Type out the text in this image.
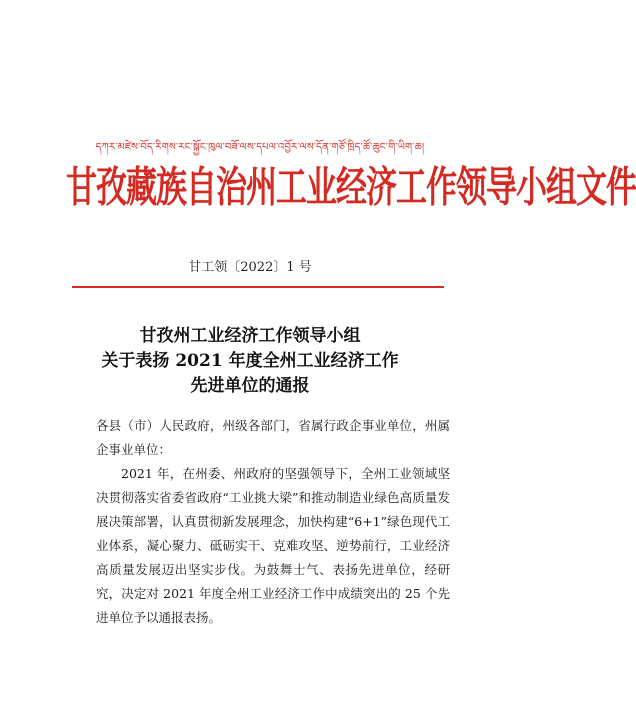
དཀར་མཛེས་བོད་རིགས་རང་སྐྱོང་ཁུལ་བཟོ་ལས་དཔལ་འབྱོར་ལས་དོན་གཙོ་ཁྲིད་ཚོ་ཆུང་གི་ཡིག་ཆ།
甘孜藏族自治州工业经济工作领导小组文件
甘工领〔2022〕1 号
甘孜州工业经济工作领导小组
关于表扬 2021 年度全州工业经济工作
先进单位的通报

各县（市）人民政府，州级各部门，省属行政企事业单位，州属企事业单位：

2021 年，在州委、州政府的坚强领导下，全州工业领域坚决贯彻落实省委省政府“工业挑大梁”和推动制造业绿色高质量发展决策部署，认真贯彻新发展理念，加快构建“6+1”绿色现代工业体系，凝心聚力、砥砺实干、克难攻坚、逆势前行，工业经济高质量发展迈出坚实步伐。为鼓舞士气、表扬先进单位，经研究，决定对 2021 年度全州工业经济工作中成绩突出的 25 个先进单位予以通报表扬。
